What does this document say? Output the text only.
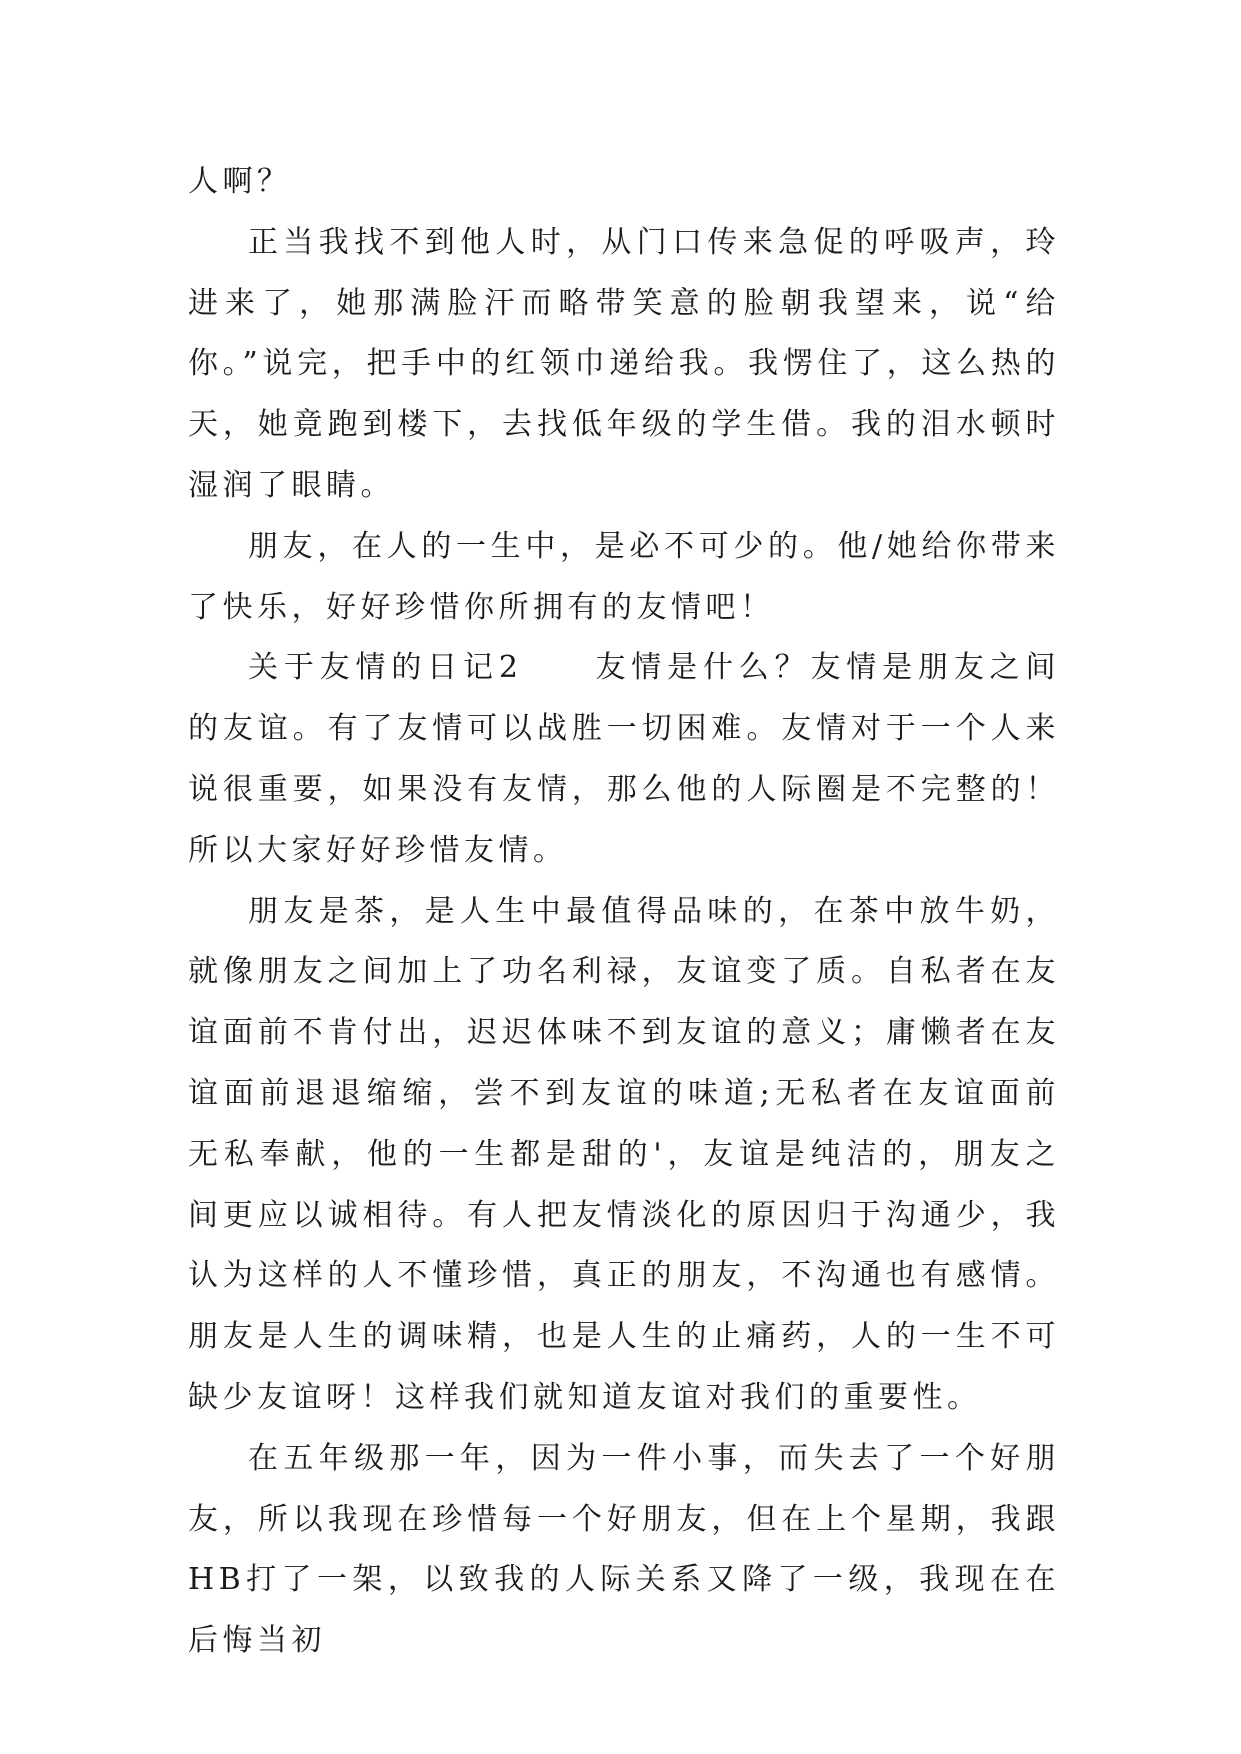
人啊？

正当我找不到他人时，从门口传来急促的呼吸声，玲进来了，她那满脸汗而略带笑意的脸朝我望来，说“给你。”说完，把手中的红领巾递给我。我愣住了，这么热的天，她竟跑到楼下，去找低年级的学生借。我的泪水顿时湿润了眼睛。

朋友，在人的一生中，是必不可少的。他/她给你带来了快乐，好好珍惜你所拥有的友情吧！

关于友情的日记2　　友情是什么？友情是朋友之间的友谊。有了友情可以战胜一切困难。友情对于一个人来说很重要，如果没有友情，那么他的人际圈是不完整的！所以大家好好珍惜友情。

朋友是茶，是人生中最值得品味的，在茶中放牛奶，就像朋友之间加上了功名利禄，友谊变了质。自私者在友谊面前不肯付出，迟迟体味不到友谊的意义；庸懒者在友谊面前退退缩缩，尝不到友谊的味道;无私者在友谊面前无私奉献，他的一生都是甜的'，友谊是纯洁的，朋友之间更应以诚相待。有人把友情淡化的原因归于沟通少，我认为这样的人不懂珍惜，真正的朋友，不沟通也有感情。朋友是人生的调味精，也是人生的止痛药，人的一生不可缺少友谊呀！这样我们就知道友谊对我们的重要性。

在五年级那一年，因为一件小事，而失去了一个好朋友，所以我现在珍惜每一个好朋友，但在上个星期，我跟HB打了一架，以致我的人际关系又降了一级，我现在在后悔当初
